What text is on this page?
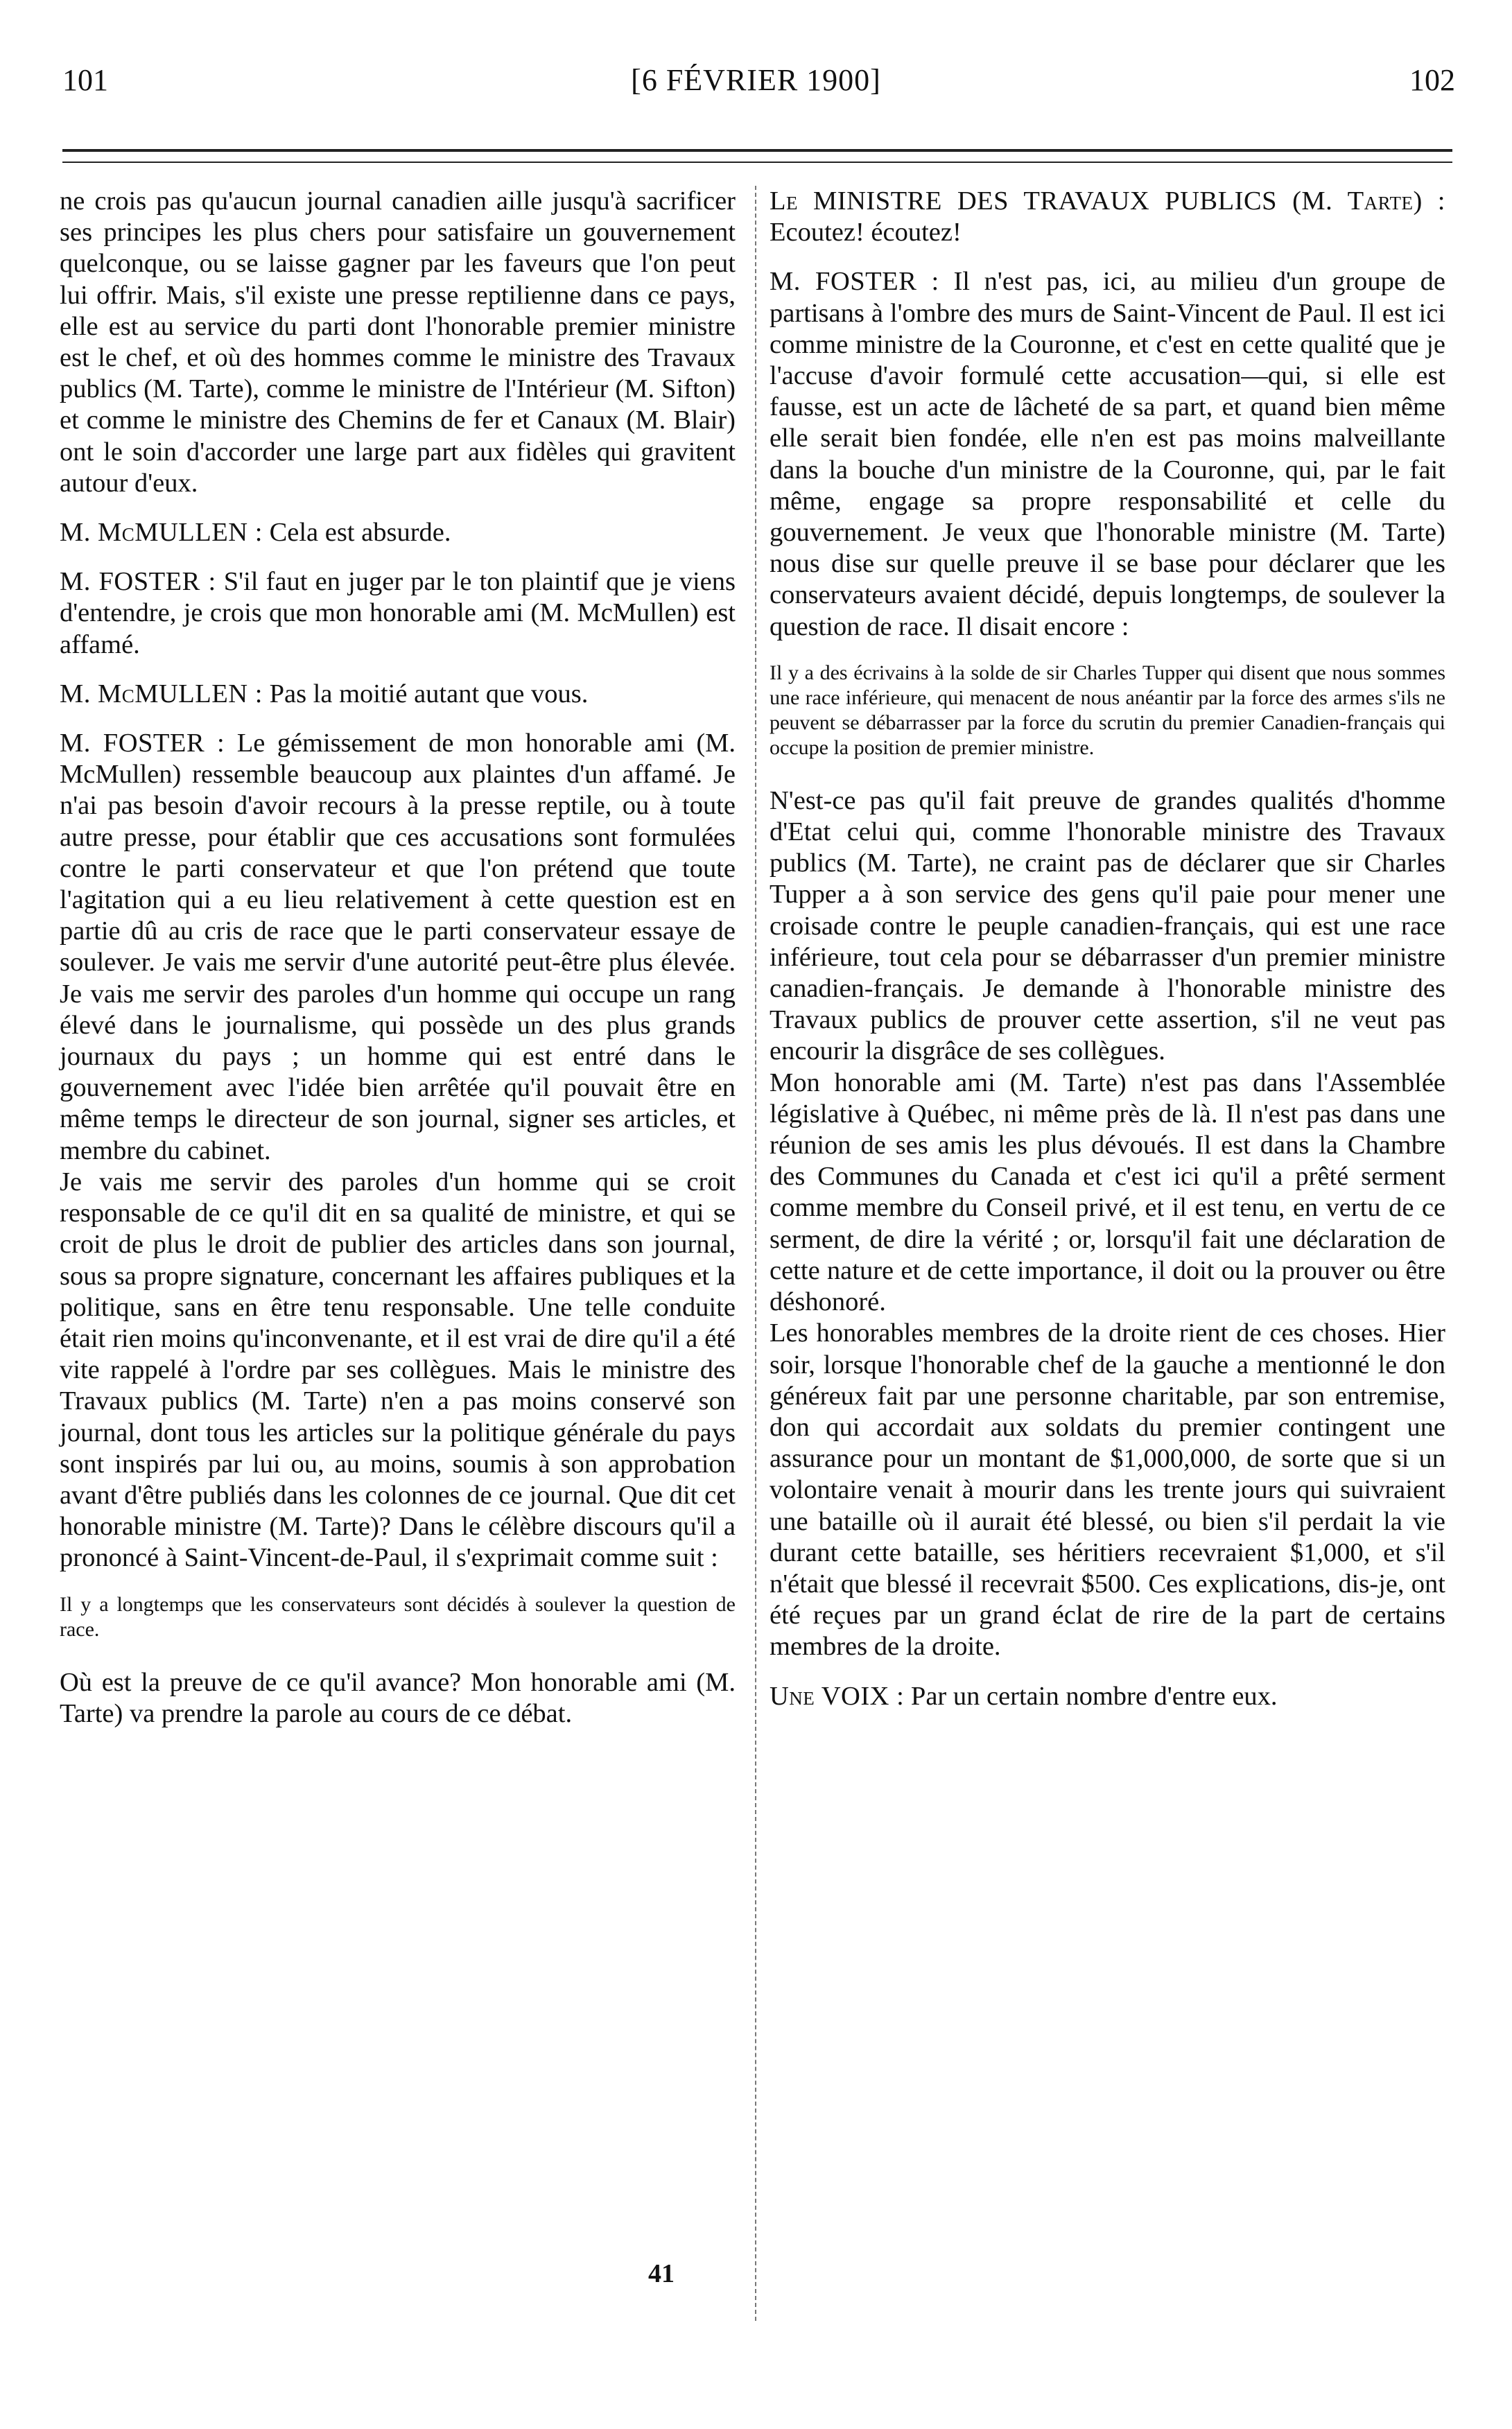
101	[6 FÉVRIER 1900]	102

ne crois pas qu'aucun journal canadien aille jusqu'à sacrificer ses principes les plus chers pour satisfaire un gouvernement quelconque, ou se laisse gagner par les faveurs que l'on peut lui offrir. Mais, s'il existe une presse reptilienne dans ce pays, elle est au service du parti dont l'honorable premier ministre est le chef, et où des hommes comme le ministre des Travaux publics (M. Tarte), comme le ministre de l'Intérieur (M. Sifton) et comme le ministre des Chemins de fer et Canaux (M. Blair) ont le soin d'accorder une large part aux fidèles qui gravitent autour d'eux.

M. McMULLEN : Cela est absurde.

M. FOSTER : S'il faut en juger par le ton plaintif que je viens d'entendre, je crois que mon honorable ami (M. McMullen) est affamé.

M. McMULLEN : Pas la moitié autant que vous.

M. FOSTER : Le gémissement de mon honorable ami (M. McMullen) ressemble beaucoup aux plaintes d'un affamé. Je n'ai pas besoin d'avoir recours à la presse reptile, ou à toute autre presse, pour établir que ces accusations sont formulées contre le parti conservateur et que l'on prétend que toute l'agitation qui a eu lieu relativement à cette question est en partie dû au cris de race que le parti conservateur essaye de soulever. Je vais me servir d'une autorité peut-être plus élevée. Je vais me servir des paroles d'un homme qui occupe un rang élevé dans le journalisme, qui possède un des plus grands journaux du pays ; un homme qui est entré dans le gouvernement avec l'idée bien arrêtée qu'il pouvait être en même temps le directeur de son journal, signer ses articles, et membre du cabinet.

Je vais me servir des paroles d'un homme qui se croit responsable de ce qu'il dit en sa qualité de ministre, et qui se croit de plus le droit de publier des articles dans son journal, sous sa propre signature, concernant les affaires publiques et la politique, sans en être tenu responsable. Une telle conduite était rien moins qu'inconvenante, et il est vrai de dire qu'il a été vite rappelé à l'ordre par ses collègues. Mais le ministre des Travaux publics (M. Tarte) n'en a pas moins conservé son journal, dont tous les articles sur la politique générale du pays sont inspirés par lui ou, au moins, soumis à son approbation avant d'être publiés dans les colonnes de ce journal. Que dit cet honorable ministre (M. Tarte)? Dans le célèbre discours qu'il a prononcé à Saint-Vincent-de-Paul, il s'exprimait comme suit :

Il y a longtemps que les conservateurs sont décidés à soulever la question de race.

Où est la preuve de ce qu'il avance? Mon honorable ami (M. Tarte) va prendre la parole au cours de ce débat.

Le MINISTRE DES TRAVAUX PUBLICS (M. Tarte) : Ecoutez! écoutez!

M. FOSTER : Il n'est pas, ici, au milieu d'un groupe de partisans à l'ombre des murs de Saint-Vincent de Paul. Il est ici comme ministre de la Couronne, et c'est en cette qualité que je l'accuse d'avoir formulé cette accusation—qui, si elle est fausse, est un acte de lâcheté de sa part, et quand bien même elle serait bien fondée, elle n'en est pas moins malveillante dans la bouche d'un ministre de la Couronne, qui, par le fait même, engage sa propre responsabilité et celle du gouvernement. Je veux que l'honorable ministre (M. Tarte) nous dise sur quelle preuve il se base pour déclarer que les conservateurs avaient décidé, depuis longtemps, de soulever la question de race. Il disait encore :

Il y a des écrivains à la solde de sir Charles Tupper qui disent que nous sommes une race inférieure, qui menacent de nous anéantir par la force des armes s'ils ne peuvent se débarrasser par la force du scrutin du premier Canadien-français qui occupe la position de premier ministre.

N'est-ce pas qu'il fait preuve de grandes qualités d'homme d'Etat celui qui, comme l'honorable ministre des Travaux publics (M. Tarte), ne craint pas de déclarer que sir Charles Tupper a à son service des gens qu'il paie pour mener une croisade contre le peuple canadien-français, qui est une race inférieure, tout cela pour se débarrasser d'un premier ministre canadien-français. Je demande à l'honorable ministre des Travaux publics de prouver cette assertion, s'il ne veut pas encourir la disgrâce de ses collègues.

Mon honorable ami (M. Tarte) n'est pas dans l'Assemblée législative à Québec, ni même près de là. Il n'est pas dans une réunion de ses amis les plus dévoués. Il est dans la Chambre des Communes du Canada et c'est ici qu'il a prêté serment comme membre du Conseil privé, et il est tenu, en vertu de ce serment, de dire la vérité ; or, lorsqu'il fait une déclaration de cette nature et de cette importance, il doit ou la prouver ou être déshonoré.

Les honorables membres de la droite rient de ces choses. Hier soir, lorsque l'honorable chef de la gauche a mentionné le don généreux fait par une personne charitable, par son entremise, don qui accordait aux soldats du premier contingent une assurance pour un montant de $1,000,000, de sorte que si un volontaire venait à mourir dans les trente jours qui suivraient une bataille où il aurait été blessé, ou bien s'il perdait la vie durant cette bataille, ses héritiers recevraient $1,000, et s'il n'était que blessé il recevrait $500. Ces explications, dis-je, ont été reçues par un grand éclat de rire de la part de certains membres de la droite.

Une VOIX : Par un certain nombre d'entre eux.

41
